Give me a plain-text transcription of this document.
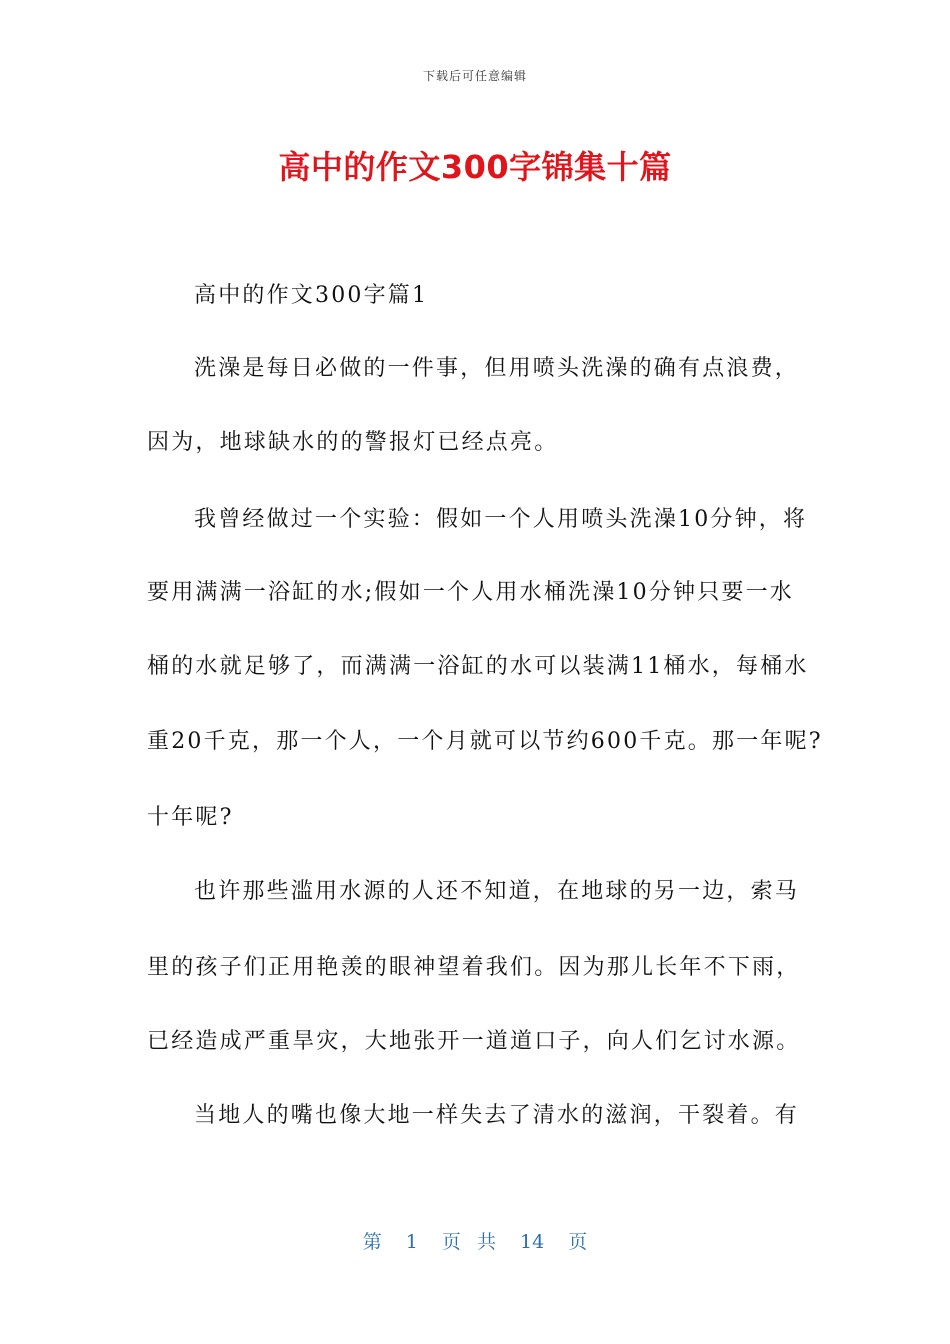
下载后可任意编辑
高中的作文300字锦集十篇
高中的作文300字篇1
洗澡是每日必做的一件事，但用喷头洗澡的确有点浪费，
因为，地球缺水的的警报灯已经点亮。
我曾经做过一个实验：假如一个人用喷头洗澡10分钟，将
要用满满一浴缸的水;假如一个人用水桶洗澡10分钟只要一水
桶的水就足够了，而满满一浴缸的水可以装满11桶水，每桶水
重20千克，那一个人，一个月就可以节约600千克。那一年呢?
十年呢?
也许那些滥用水源的人还不知道，在地球的另一边，索马
里的孩子们正用艳羡的眼神望着我们。因为那儿长年不下雨，
已经造成严重旱灾，大地张开一道道口子，向人们乞讨水源。
当地人的嘴也像大地一样失去了清水的滋润，干裂着。有
第 1 页 共 14 页
